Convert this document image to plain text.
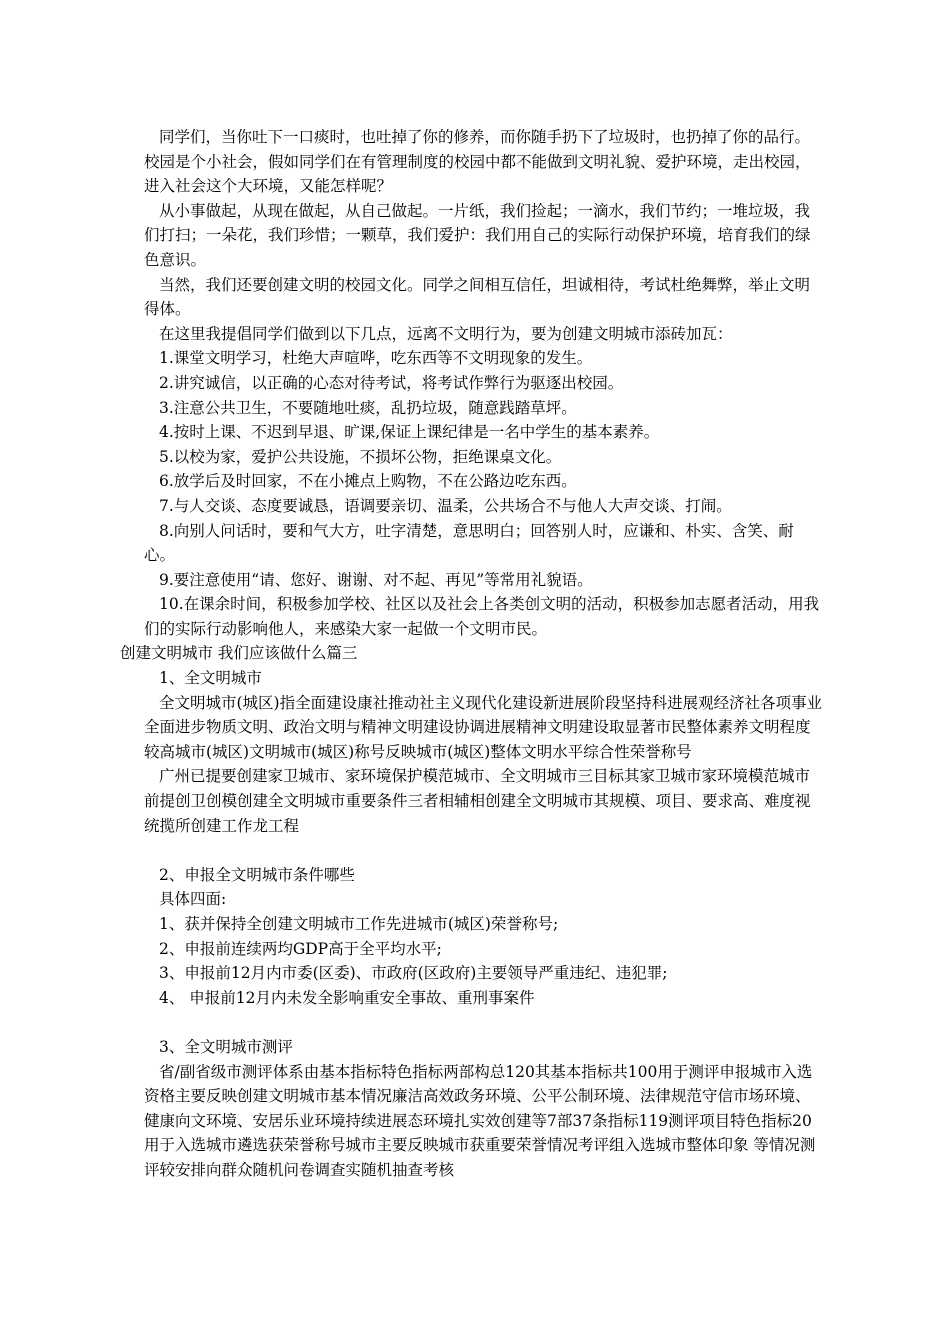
同学们，当你吐下一口痰时，也吐掉了你的修养，而你随手扔下了垃圾时，也扔掉了你的品行。校园是个小社会，假如同学们在有管理制度的校园中都不能做到文明礼貌、爱护环境，走出校园，进入社会这个大环境，又能怎样呢？

从小事做起，从现在做起，从自己做起。一片纸，我们捡起；一滴水，我们节约；一堆垃圾，我们打扫；一朵花，我们珍惜；一颗草，我们爱护：我们用自己的实际行动保护环境，培育我们的绿色意识。

当然，我们还要创建文明的校园文化。同学之间相互信任，坦诚相待，考试杜绝舞弊，举止文明得体。

在这里我提倡同学们做到以下几点，远离不文明行为，要为创建文明城市添砖加瓦：

1.课堂文明学习，杜绝大声喧哗，吃东西等不文明现象的发生。

2.讲究诚信，以正确的心态对待考试，将考试作弊行为驱逐出校园。

3.注意公共卫生，不要随地吐痰，乱扔垃圾，随意践踏草坪。

4.按时上课、不迟到早退、旷课,保证上课纪律是一名中学生的基本素养。

5.以校为家，爱护公共设施，不损坏公物，拒绝课桌文化。

6.放学后及时回家，不在小摊点上购物，不在公路边吃东西。

7.与人交谈、态度要诚恳，语调要亲切、温柔，公共场合不与他人大声交谈、打闹。

8.向别人问话时，要和气大方，吐字清楚，意思明白；回答别人时，应谦和、朴实、含笑、耐心。

9.要注意使用“请、您好、谢谢、对不起、再见”等常用礼貌语。

10.在课余时间，积极参加学校、社区以及社会上各类创文明的活动，积极参加志愿者活动，用我们的实际行动影响他人，来感染大家一起做一个文明市民。

创建文明城市 我们应该做什么篇三

1、全文明城市

全文明城市(城区)指全面建设康社推动社主义现代化建设新进展阶段坚持科进展观经济社各项事业全面进步物质文明、政治文明与精神文明建设协调进展精神文明建设取显著市民整体素养文明程度较高城市(城区)文明城市(城区)称号反映城市(城区)整体文明水平综合性荣誉称号

广州已提要创建家卫城市、家环境保护模范城市、全文明城市三目标其家卫城市家环境模范城市前提创卫创模创建全文明城市重要条件三者相辅相创建全文明城市其规模、项目、要求高、难度视统揽所创建工作龙工程

2、申报全文明城市条件哪些

具体四面:

1、获并保持全创建文明城市工作先进城市(城区)荣誉称号;

2、申报前连续两均GDP高于全平均水平;

3、申报前12月内市委(区委)、市政府(区政府)主要领导严重违纪、违犯罪;

4、 申报前12月内未发全影响重安全事故、重刑事案件

3、全文明城市测评

省/副省级市测评体系由基本指标特色指标两部构总120其基本指标共100用于测评申报城市入选资格主要反映创建文明城市基本情况廉洁高效政务环境、公平公制环境、法律规范守信市场环境、健康向文环境、安居乐业环境持续进展态环境扎实效创建等7部37条指标119测评项目特色指标20 用于入选城市遴选获荣誉称号城市主要反映城市获重要荣誉情况考评组入选城市整体印象 等情况测评较安排向群众随机问卷调查实随机抽查考核
